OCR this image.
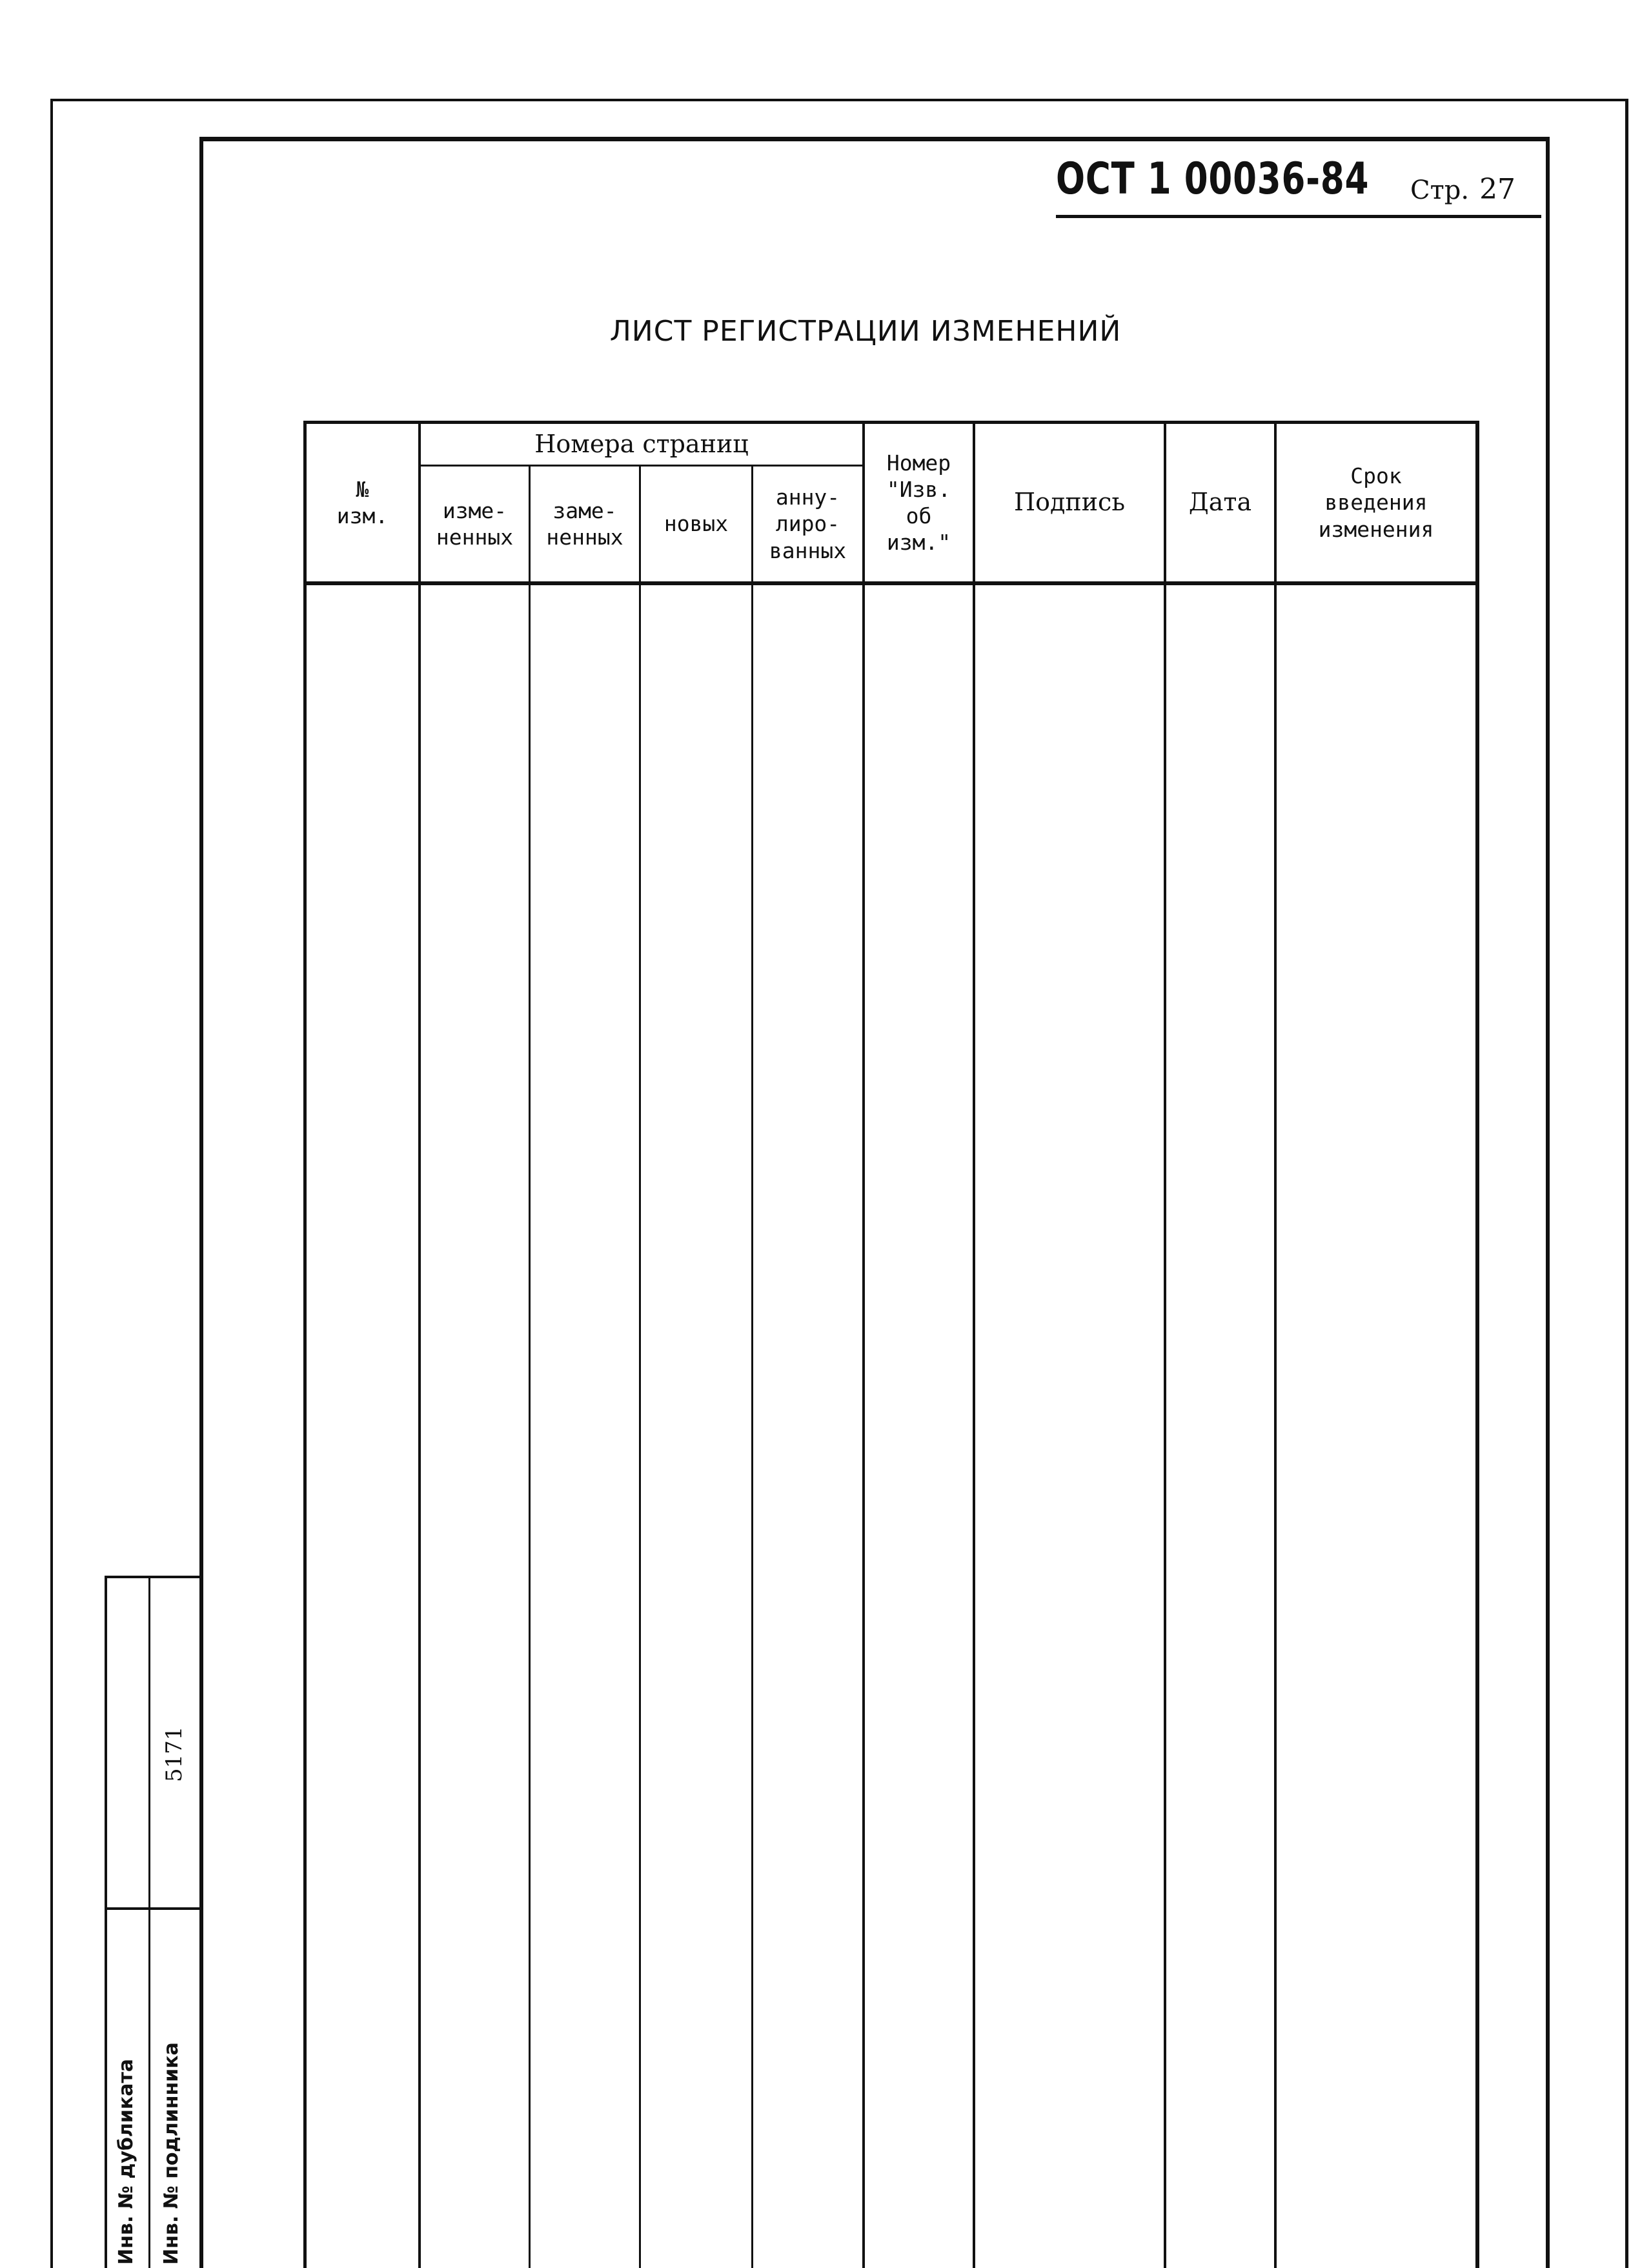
ОСТ 1 00036-84 Стр. 27
ЛИСТ РЕГИСТРАЦИИ ИЗМЕНЕНИЙ
№
изм.
Номера страниц
изме-
ненных
заме-
ненных
новых
анну-
лиро-
ванных
Номер
"Изв.
об
изм."
Подпись	Дата
Срок
введения
изменения
5171
Инв. № дубликата Инв. № подлинника
